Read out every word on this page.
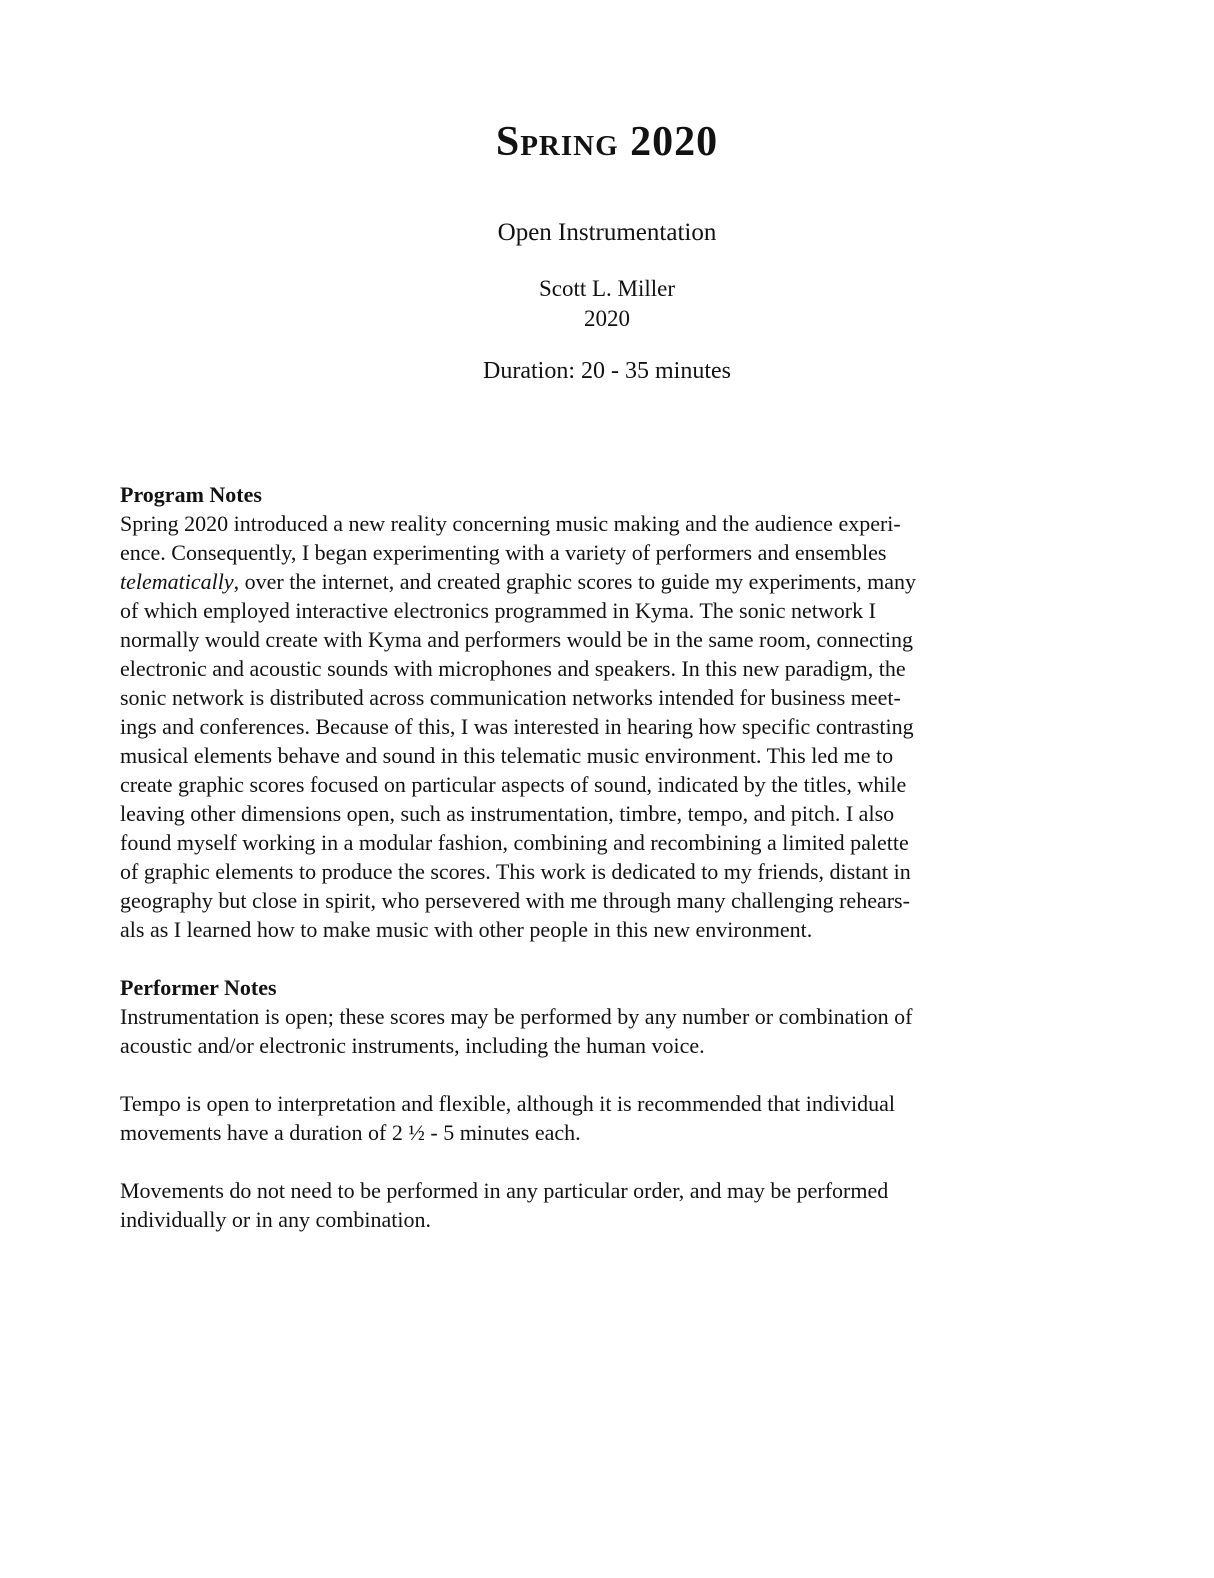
Spring 2020
Open Instrumentation
Scott L. Miller
2020
Duration: 20 - 35 minutes
Program Notes

Spring 2020 introduced a new reality concerning music making and the audience experi-
ence. Consequently, I began experimenting with a variety of performers and ensembles
telematically, over the internet, and created graphic scores to guide my experiments, many
of which employed interactive electronics programmed in Kyma. The sonic network I
normally would create with Kyma and performers would be in the same room, connecting
electronic and acoustic sounds with microphones and speakers. In this new paradigm, the
sonic network is distributed across communication networks intended for business meet-
ings and conferences. Because of this, I was interested in hearing how specific contrasting
musical elements behave and sound in this telematic music environment. This led me to
create graphic scores focused on particular aspects of sound, indicated by the titles, while
leaving other dimensions open, such as instrumentation, timbre, tempo, and pitch. I also
found myself working in a modular fashion, combining and recombining a limited palette
of graphic elements to produce the scores. This work is dedicated to my friends, distant in
geography but close in spirit, who persevered with me through many challenging rehears-
als as I learned how to make music with other people in this new environment.

Performer Notes

Instrumentation is open; these scores may be performed by any number or combination of
acoustic and/or electronic instruments, including the human voice.

Tempo is open to interpretation and flexible, although it is recommended that individual
movements have a duration of 2 ½ - 5 minutes each.

Movements do not need to be performed in any particular order, and may be performed
individually or in any combination.
